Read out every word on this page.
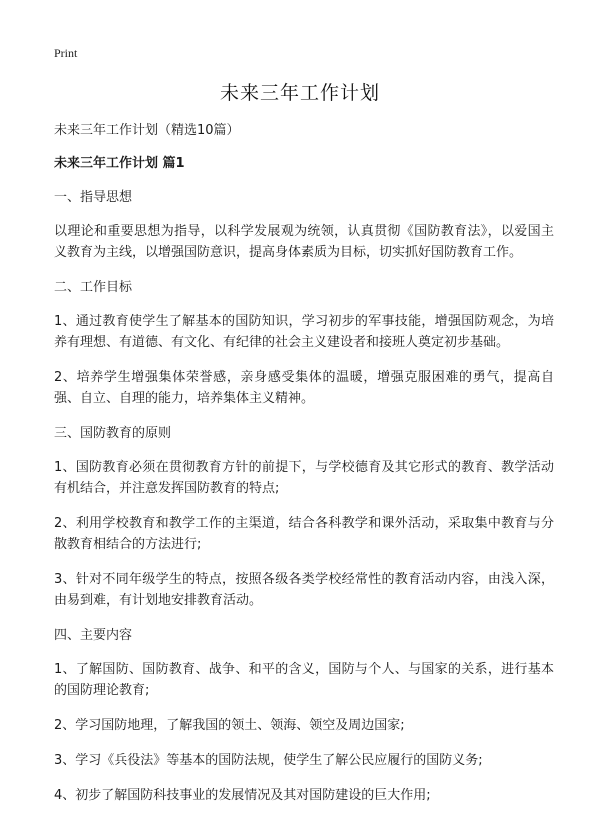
Print
未来三年工作计划
未来三年工作计划（精选10篇）
未来三年工作计划 篇1
一、指导思想
以理论和重要思想为指导，以科学发展观为统领，认真贯彻《国防教育法》，以爱国主义教育为主线，以增强国防意识，提高身体素质为目标，切实抓好国防教育工作。
二、工作目标
1、通过教育使学生了解基本的国防知识，学习初步的军事技能，增强国防观念，为培养有理想、有道德、有文化、有纪律的社会主义建设者和接班人奠定初步基础。
2、培养学生增强集体荣誉感，亲身感受集体的温暖，增强克服困难的勇气，提高自强、自立、自理的能力，培养集体主义精神。
三、国防教育的原则
1、国防教育必须在贯彻教育方针的前提下，与学校德育及其它形式的教育、教学活动有机结合，并注意发挥国防教育的特点;
2、利用学校教育和教学工作的主渠道，结合各科教学和课外活动，采取集中教育与分散教育相结合的方法进行;
3、针对不同年级学生的特点，按照各级各类学校经常性的教育活动内容，由浅入深，由易到难，有计划地安排教育活动。
四、主要内容
1、了解国防、国防教育、战争、和平的含义，国防与个人、与国家的关系，进行基本的国防理论教育;
2、学习国防地理，了解我国的领土、领海、领空及周边国家;
3、学习《兵役法》等基本的国防法规，使学生了解公民应履行的国防义务;
4、初步了解国防科技事业的发展情况及其对国防建设的巨大作用;
